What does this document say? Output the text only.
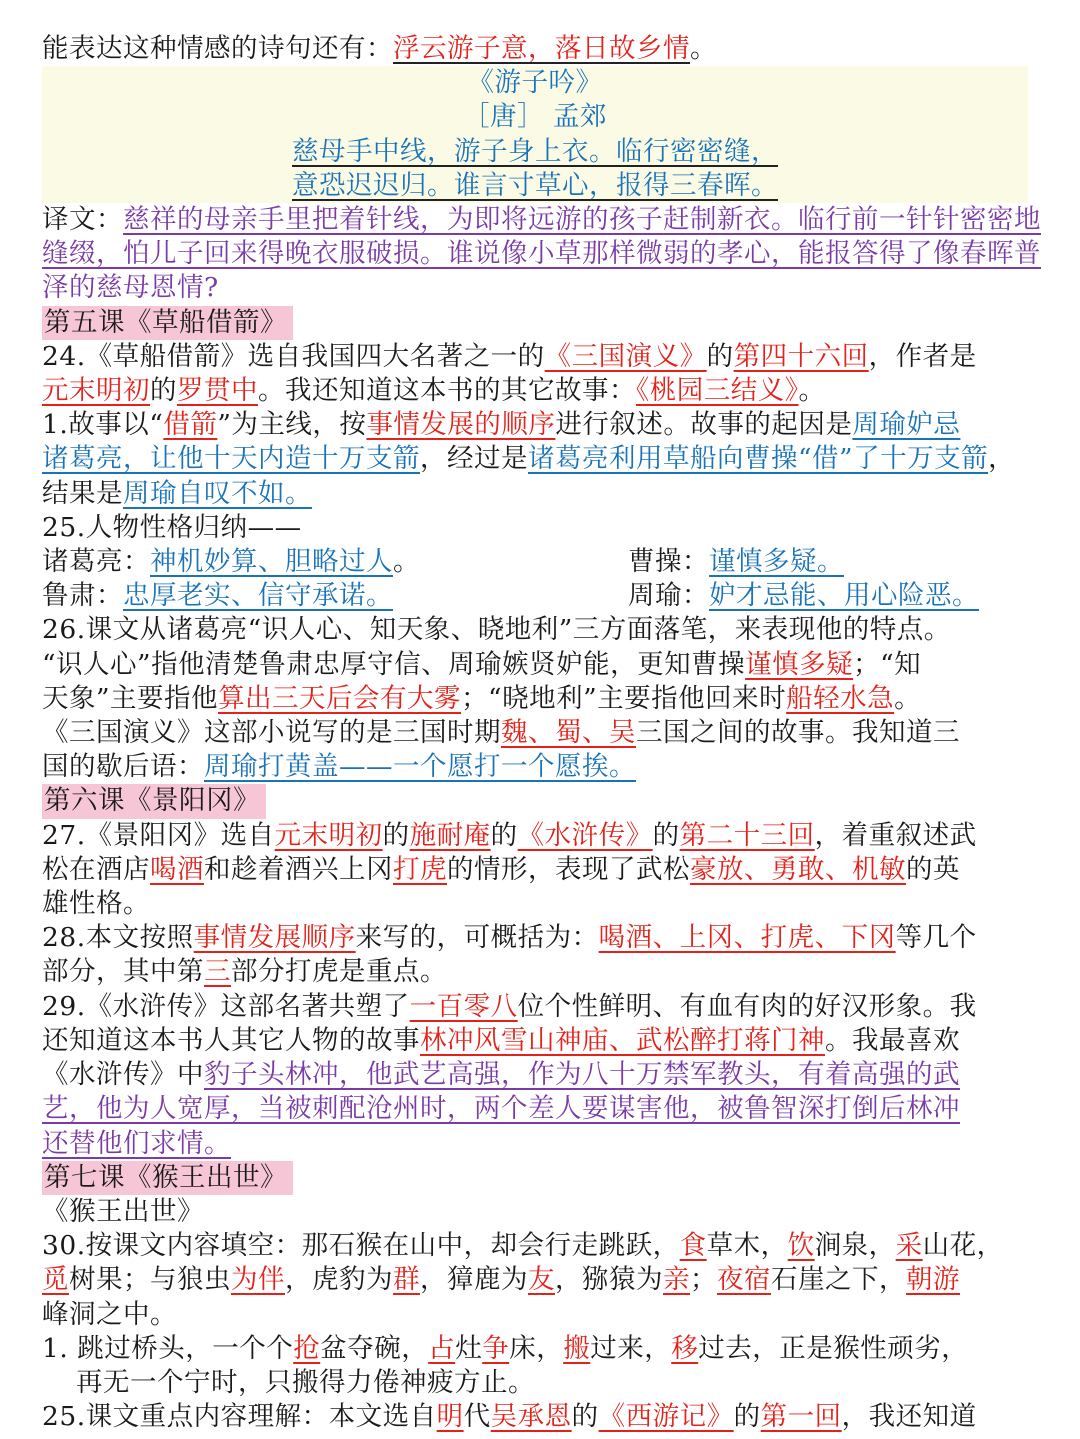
能表达这种情感的诗句还有：浮云游子意，落日故乡情。
《游子吟》
［唐］ 孟郊
慈母手中线，游子身上衣。临行密密缝，
意恐迟迟归。谁言寸草心，报得三春晖。
译文：慈祥的母亲手里把着针线，为即将远游的孩子赶制新衣。临行前一针针密密地
缝缀，怕儿子回来得晚衣服破损。谁说像小草那样微弱的孝心，能报答得了像春晖普
泽的慈母恩情?
第五课《草船借箭》
24.《草船借箭》选自我国四大名著之一的《三国演义》的第四十六回，作者是
元末明初的罗贯中。我还知道这本书的其它故事：《桃园三结义》。
1.故事以“借箭”为主线，按事情发展的顺序进行叙述。故事的起因是周瑜妒忌
诸葛亮，让他十天内造十万支箭，经过是诸葛亮利用草船向曹操“借”了十万支箭，
结果是周瑜自叹不如。
25.人物性格归纳——
诸葛亮：神机妙算、胆略过人。	曹操：谨慎多疑。
鲁肃：忠厚老实、信守承诺。	周瑜：妒才忌能、用心险恶。
26.课文从诸葛亮“识人心、知天象、晓地利”三方面落笔，来表现他的特点。
“识人心”指他清楚鲁肃忠厚守信、周瑜嫉贤妒能，更知曹操谨慎多疑；“知
天象”主要指他算出三天后会有大雾；“晓地利”主要指他回来时船轻水急。
《三国演义》这部小说写的是三国时期魏、蜀、吴三国之间的故事。我知道三
国的歇后语：周瑜打黄盖——一个愿打一个愿挨。
第六课《景阳冈》
27.《景阳冈》选自元末明初的施耐庵的《水浒传》的第二十三回，着重叙述武
松在酒店喝酒和趁着酒兴上冈打虎的情形，表现了武松豪放、勇敢、机敏的英
雄性格。
28.本文按照事情发展顺序来写的，可概括为：喝酒、上冈、打虎、下冈等几个
部分，其中第三部分打虎是重点。
29.《水浒传》这部名著共塑了一百零八位个性鲜明、有血有肉的好汉形象。我
还知道这本书人其它人物的故事林冲风雪山神庙、武松醉打蒋门神。我最喜欢
《水浒传》中豹子头林冲，他武艺高强，作为八十万禁军教头，有着高强的武
艺，他为人宽厚，当被刺配沧州时，两个差人要谋害他，被鲁智深打倒后林冲
还替他们求情。
第七课《猴王出世》
《猴王出世》
30.按课文内容填空：那石猴在山中，却会行走跳跃，食草木，饮涧泉，采山花，
觅树果；与狼虫为伴，虎豹为群，獐鹿为友，猕猿为亲；夜宿石崖之下，朝游
峰洞之中。
1. 跳过桥头，一个个抢盆夺碗，占灶争床，搬过来，移过去，正是猴性顽劣，
再无一个宁时，只搬得力倦神疲方止。
25.课文重点内容理解：本文选自明代吴承恩的《西游记》的第一回，我还知道
